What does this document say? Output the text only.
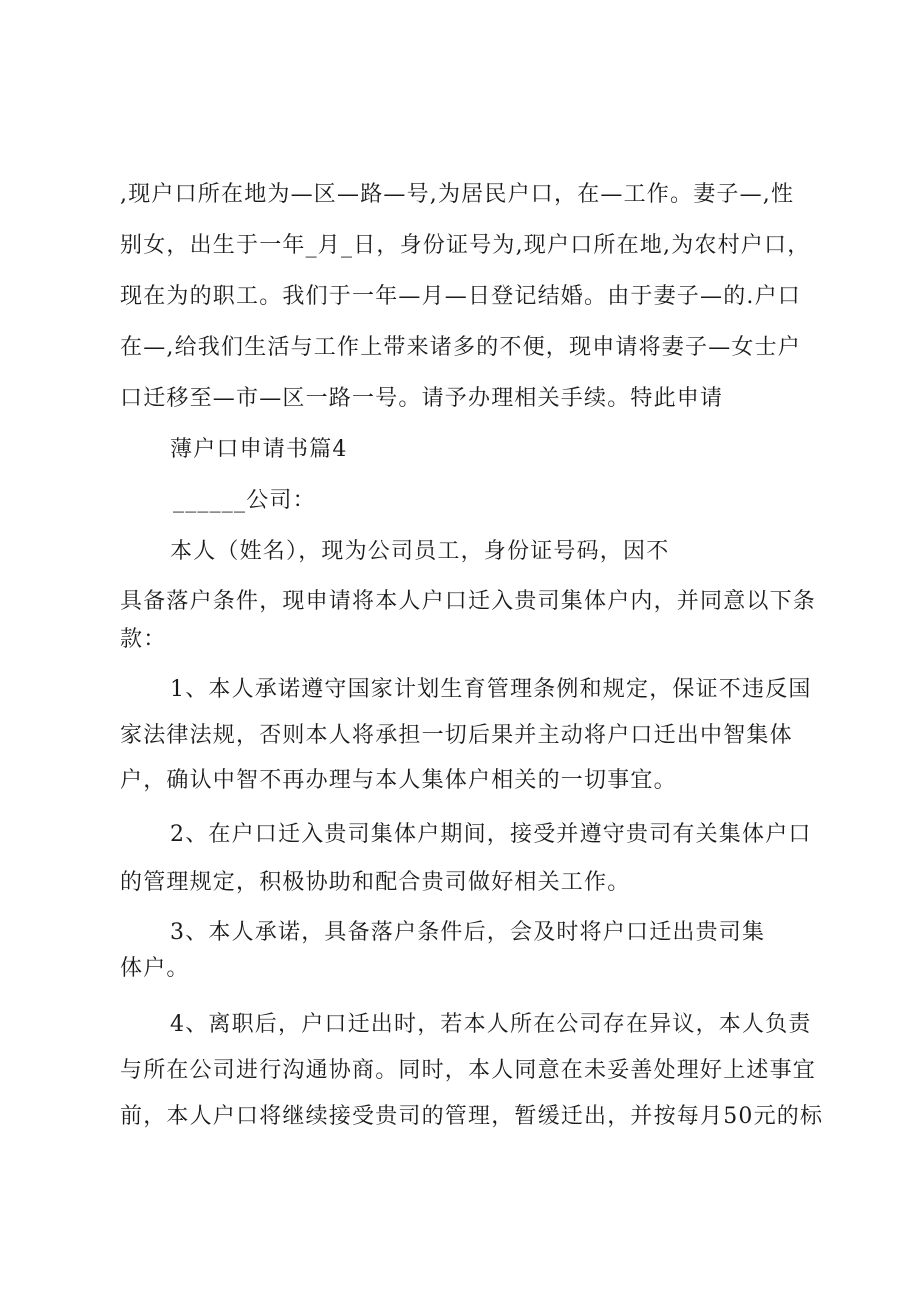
,现户口所在地为—区—路—号,为居民户口，在—工作。妻子—,性
别女，出生于一年_月_日，身份证号为,现户口所在地,为农村户口，
现在为的职工。我们于一年—月—日登记结婚。由于妻子—的.户口
在—,给我们生活与工作上带来诸多的不便，现申请将妻子—女士户
口迁移至—市—区一路一号。请予办理相关手续。特此申请
薄户口申请书篇4
______公司：
本人（姓名），现为公司员工，身份证号码，因不
具备落户条件，现申请将本人户口迁入贵司集体户内，并同意以下条
款：
1、本人承诺遵守国家计划生育管理条例和规定，保证不违反国
家法律法规，否则本人将承担一切后果并主动将户口迁出中智集体
户，确认中智不再办理与本人集体户相关的一切事宜。
2、在户口迁入贵司集体户期间，接受并遵守贵司有关集体户口
的管理规定，积极协助和配合贵司做好相关工作。
3、本人承诺，具备落户条件后，会及时将户口迁出贵司集
体户。
4、离职后，户口迁出时，若本人所在公司存在异议，本人负责
与所在公司进行沟通协商。同时，本人同意在未妥善处理好上述事宜
前，本人户口将继续接受贵司的管理，暂缓迁出，并按每月50元的标
